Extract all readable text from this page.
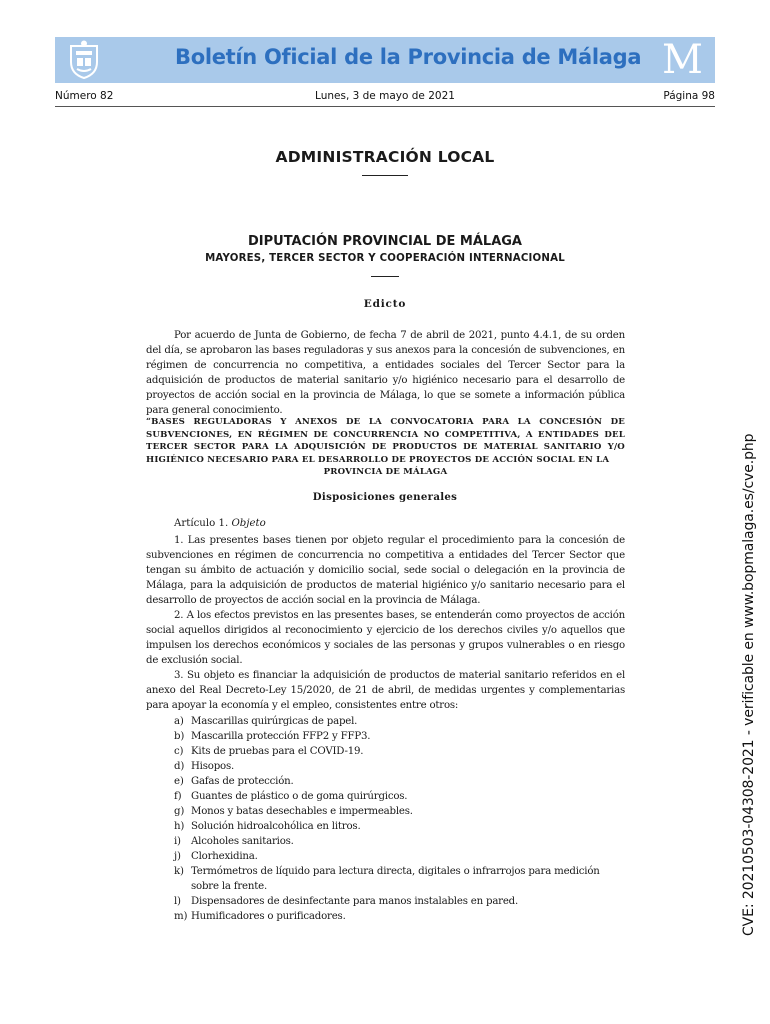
Boletín Oficial de la Provincia de Málaga M
Número 82	Lunes, 3 de mayo de 2021	Página 98
ADMINISTRACIÓN LOCAL
DIPUTACIÓN PROVINCIAL DE MÁLAGA
MAYORES, TERCER SECTOR Y COOPERACIÓN INTERNACIONAL
Edicto
Por acuerdo de Junta de Gobierno, de fecha 7 de abril de 2021, punto 4.4.1, de su orden del día, se aprobaron las bases reguladoras y sus anexos para la concesión de subvenciones, en régimen de concurrencia no competitiva, a entidades sociales del Tercer Sector para la adquisición de productos de material sanitario y/o higiénico necesario para el desarrollo de proyectos de acción social en la provincia de Málaga, lo que se somete a información pública para general conocimiento.
“BASES REGULADORAS Y ANEXOS DE LA CONVOCATORIA PARA LA CONCESIÓN DE SUBVENCIONES, EN RÉGIMEN DE CONCURRENCIA NO COMPETITIVA, A ENTIDADES DEL TERCER SECTOR PARA LA ADQUISICIÓN DE PRODUCTOS DE MATERIAL SANITARIO Y/O HIGIÉNICO NECESARIO PARA EL DESARROLLO DE PROYECTOS DE ACCIÓN SOCIAL EN LA
PROVINCIA DE MÁLAGA
Disposiciones generales
Artículo 1. Objeto
1. Las presentes bases tienen por objeto regular el procedimiento para la concesión de subvenciones en régimen de concurrencia no competitiva a entidades del Tercer Sector que tengan su ámbito de actuación y domicilio social, sede social o delegación en la provincia de Málaga, para la adquisición de productos de material higiénico y/o sanitario necesario para el desarrollo de proyectos de acción social en la provincia de Málaga.
2. A los efectos previstos en las presentes bases, se entenderán como proyectos de acción social aquellos dirigidos al reconocimiento y ejercicio de los derechos civiles y/o aquellos que impulsen los derechos económicos y sociales de las personas y grupos vulnerables o en riesgo de exclusión social.
3. Su objeto es financiar la adquisición de productos de material sanitario referidos en el anexo del Real Decreto-Ley 15/2020, de 21 de abril, de medidas urgentes y complementarias para apoyar la economía y el empleo, consistentes entre otros:
a) Mascarillas quirúrgicas de papel.
b) Mascarilla protección FFP2 y FFP3.
c) Kits de pruebas para el COVID-19.
d) Hisopos.
e) Gafas de protección.
f) Guantes de plástico o de goma quirúrgicos.
g) Monos y batas desechables e impermeables.
h) Solución hidroalcohólica en litros.
i) Alcoholes sanitarios.
j) Clorhexidina.
k) Termómetros de líquido para lectura directa, digitales o infrarrojos para medición sobre la frente.
l) Dispensadores de desinfectante para manos instalables en pared.
m) Humificadores o purificadores.	CVE: 20210503-04308-2021 - verificable en www.bopmalaga.es/cve.php
